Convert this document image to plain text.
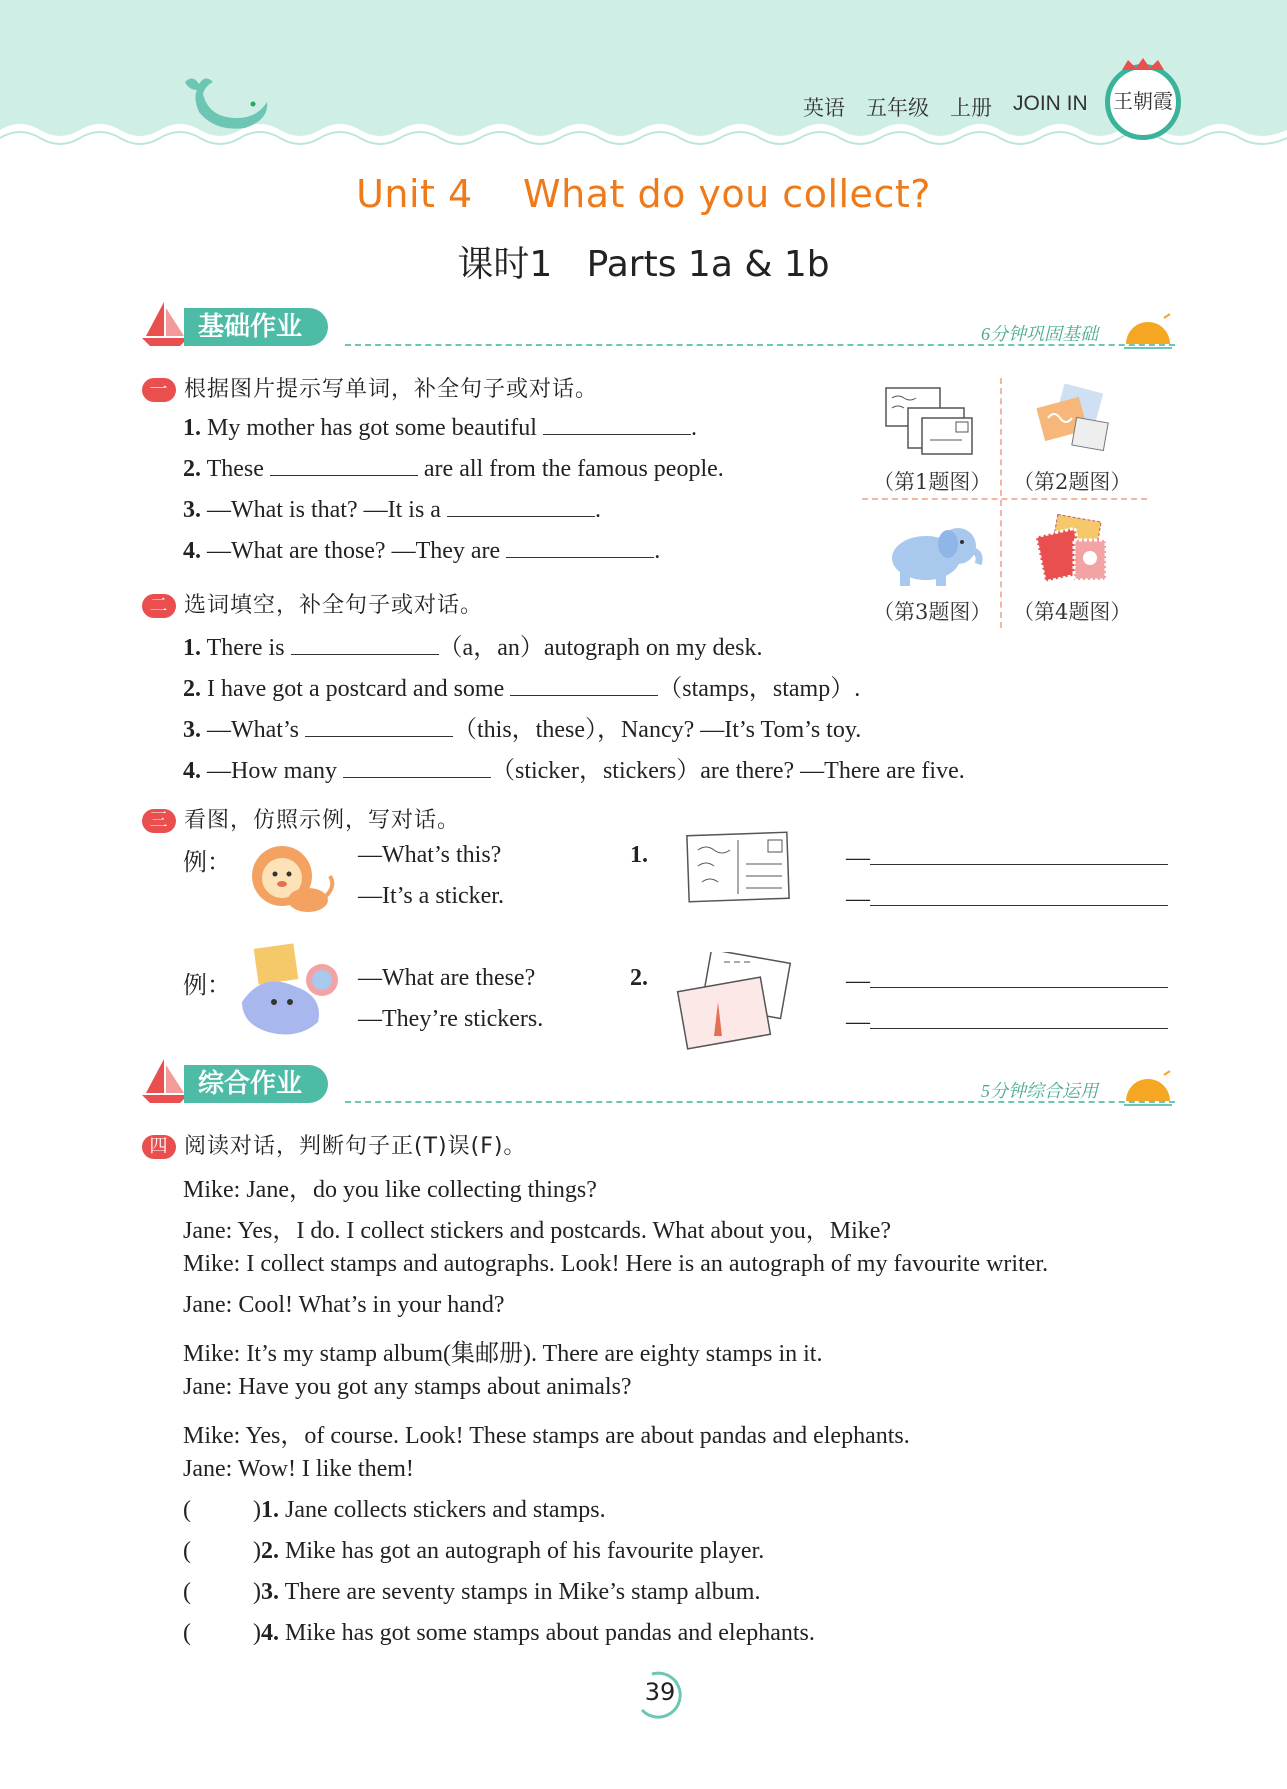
英语 五年级 上册 JOIN IN 王朝霞
Unit 4 What do you collect?
课时1 Parts 1a & 1b
基础作业	6分钟巩固基础
一 根据图片提示写单词，补全句子或对话。
1. My mother has got some beautiful	.
2. These	are all from the famous people.
3. —What is that? —It is a	.
4. —What are those? —They are	.
（第1题图） （第2题图）
（第3题图） （第4题图）
二 选词填空，补全句子或对话。
1. There is	（a，an）autograph on my desk.
2. I have got a postcard and some	（stamps，stamp）.
3. —What’s	（this，these），Nancy? —It’s Tom’s toy.
4. —How many	（sticker，stickers）are there? —There are five.
三 看图，仿照示例，写对话。
例：	—What’s this?
—It’s a sticker.
1.	—
—
例：	—What are these?
—They’re stickers.
2.	—
—
综合作业	5分钟综合运用
四 阅读对话，判断句子正(T)误(F)。
Mike: Jane，do you like collecting things?
Jane: Yes，I do. I collect stickers and postcards. What about you，Mike?
Mike: I collect stamps and autographs. Look! Here is an autograph of my favourite writer.
Jane: Cool! What’s in your hand?
Mike: It’s my stamp album(集邮册). There are eighty stamps in it.
Jane: Have you got any stamps about animals?
Mike: Yes，of course. Look! These stamps are about pandas and elephants.
Jane: Wow! I like them!
(	)1. Jane collects stickers and stamps.
(	)2. Mike has got an autograph of his favourite player.
(	)3. There are seventy stamps in Mike’s stamp album.
(	)4. Mike has got some stamps about pandas and elephants.
39
